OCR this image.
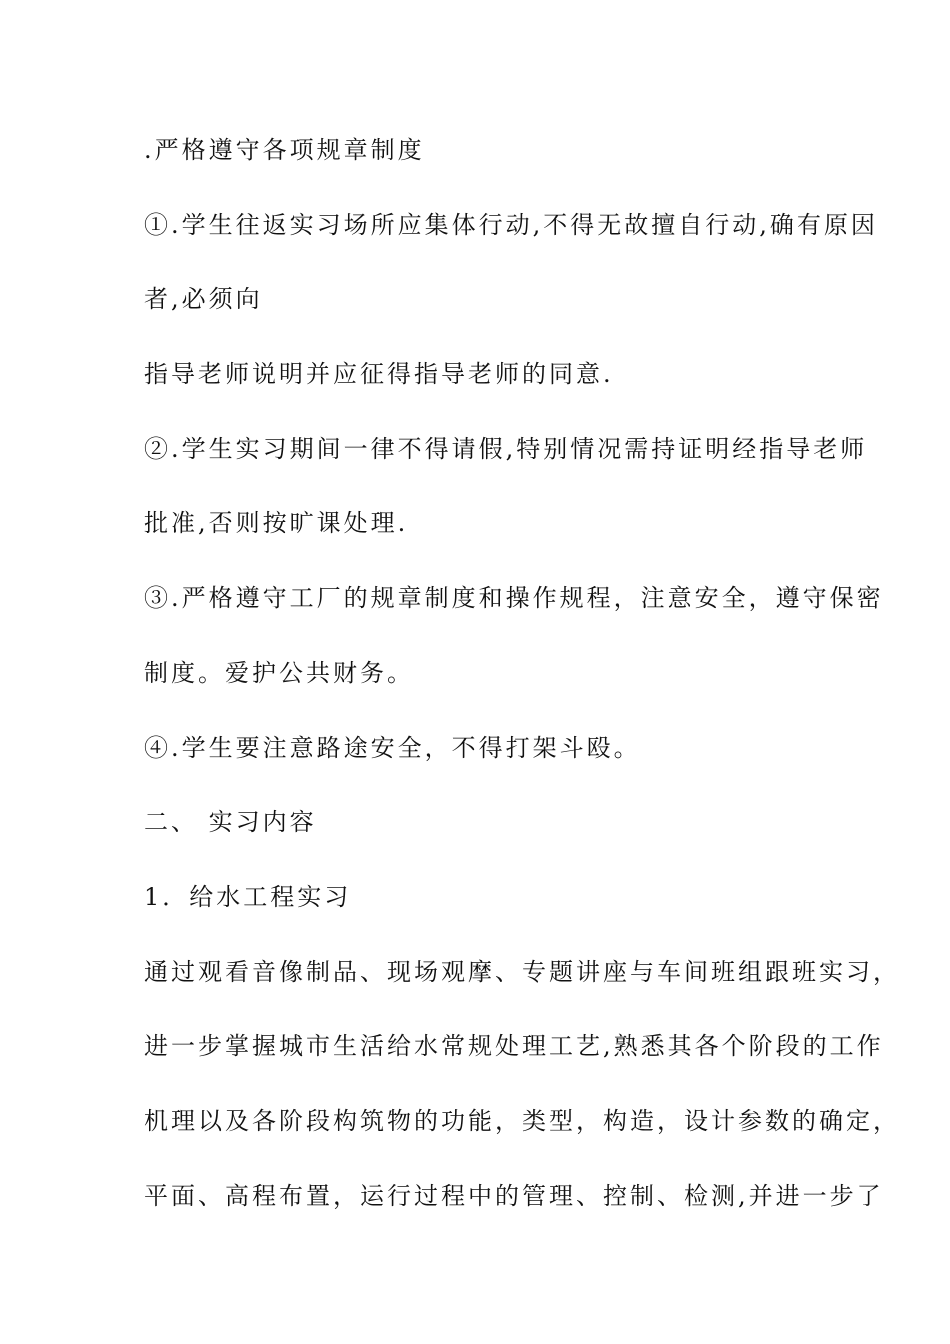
.严格遵守各项规章制度
①.学生往返实习场所应集体行动,不得无故擅自行动,确有原因
者,必须向
指导老师说明并应征得指导老师的同意.
②.学生实习期间一律不得请假,特别情况需持证明经指导老师
批准,否则按旷课处理.
③.严格遵守工厂的规章制度和操作规程，注意安全，遵守保密
制度。爱护公共财务。
④.学生要注意路途安全，不得打架斗殴。
二、 实习内容
1．给水工程实习
通过观看音像制品、现场观摩、专题讲座与车间班组跟班实习，
进一步掌握城市生活给水常规处理工艺,熟悉其各个阶段的工作
机理以及各阶段构筑物的功能，类型，构造，设计参数的确定，
平面、高程布置，运行过程中的管理、控制、检测,并进一步了
